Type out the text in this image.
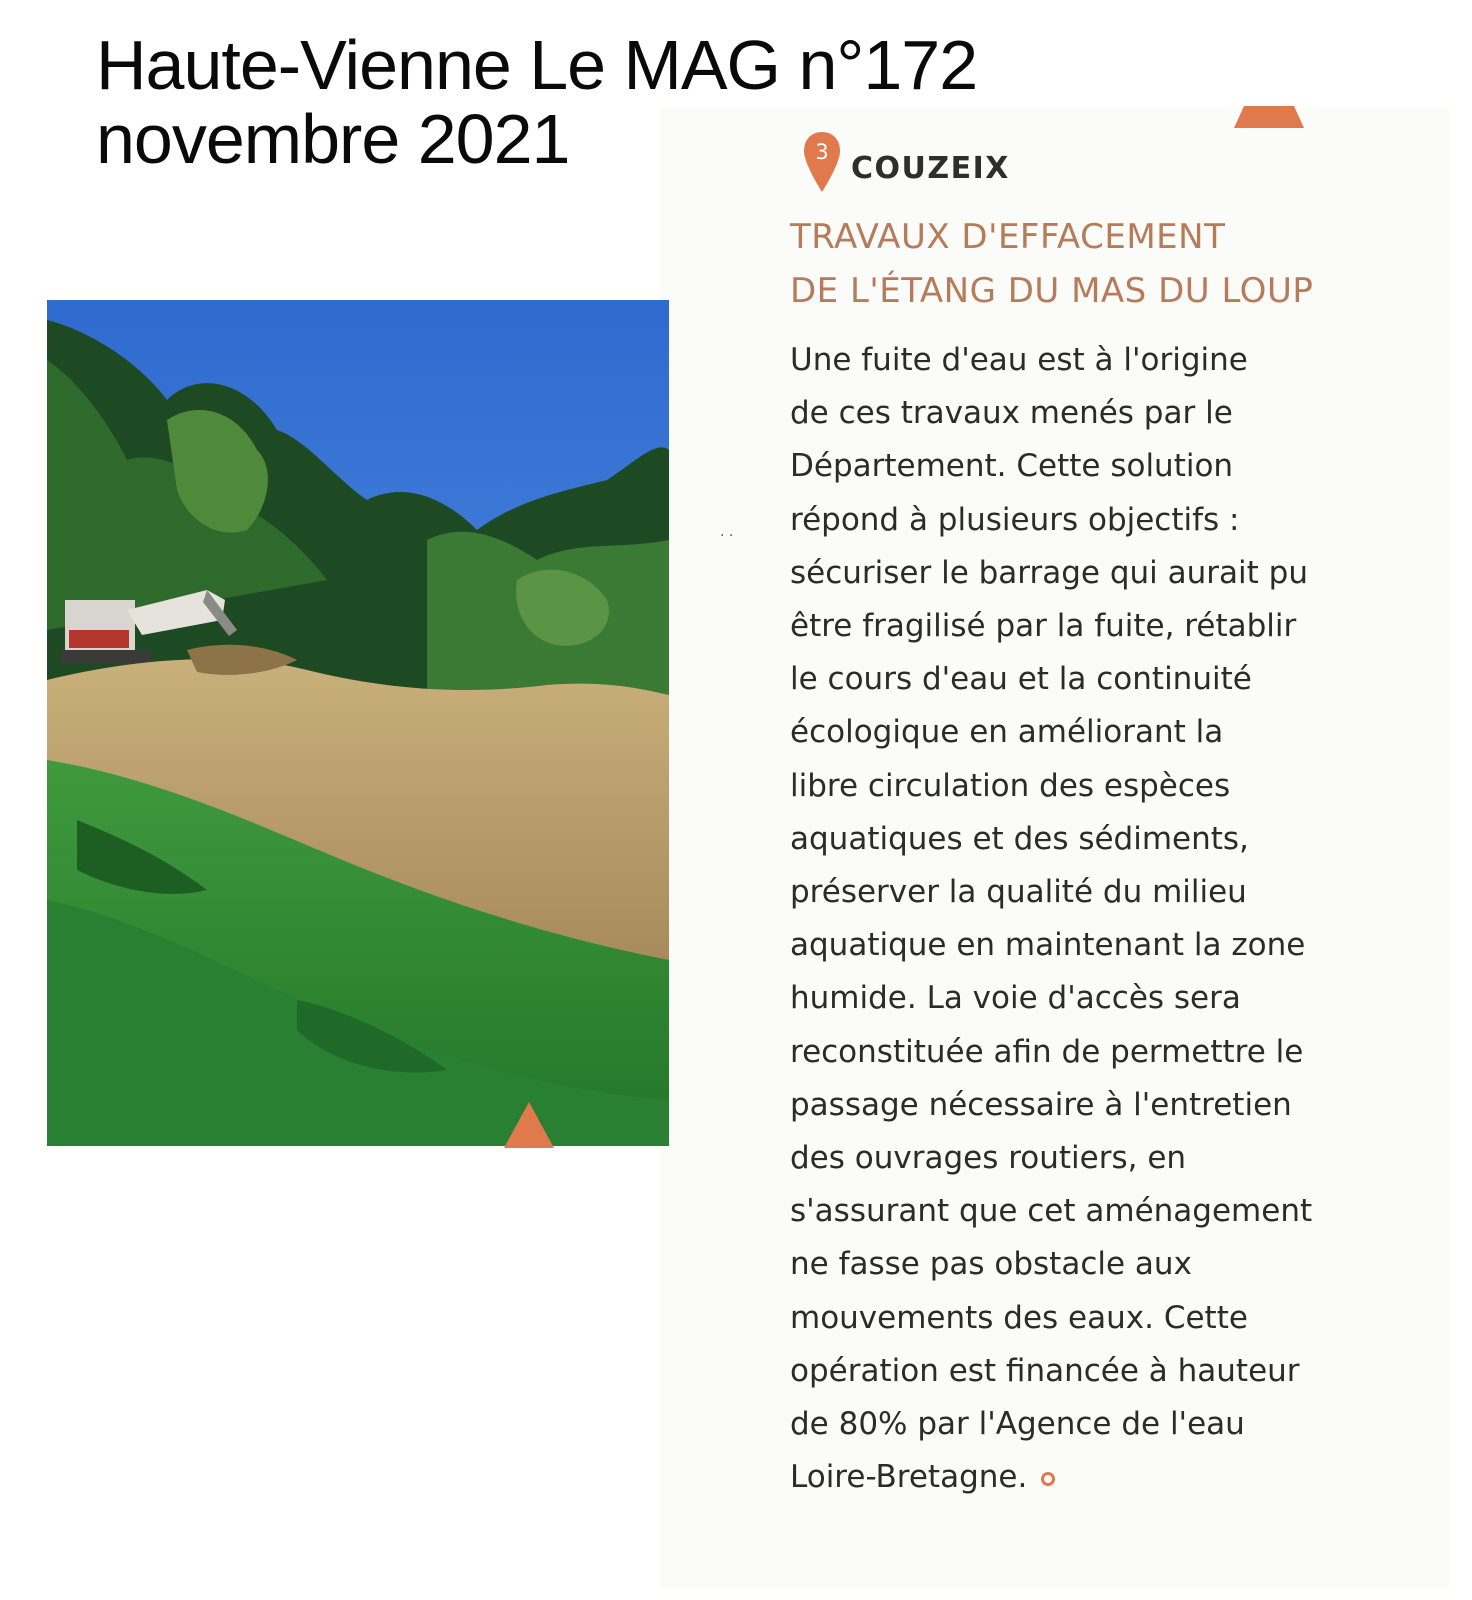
Haute-Vienne Le MAG n°172
novembre 2021	3 COUZEIX
TRAVAUX D'EFFACEMENT
DE L'ÉTANG DU MAS DU LOUP
Une fuite d'eau est à l'origine
de ces travaux menés par le
Département. Cette solution
répond à plusieurs objectifs :
sécuriser le barrage qui aurait pu
être fragilisé par la fuite, rétablir
le cours d'eau et la continuité
écologique en améliorant la
libre circulation des espèces
aquatiques et des sédiments,
préserver la qualité du milieu
aquatique en maintenant la zone
humide. La voie d'accès sera
reconstituée afin de permettre le
passage nécessaire à l'entretien
des ouvrages routiers, en
s'assurant que cet aménagement
ne fasse pas obstacle aux
mouvements des eaux. Cette
opération est financée à hauteur
de 80% par l'Agence de l'eau
Loire-Bretagne.
· ·
